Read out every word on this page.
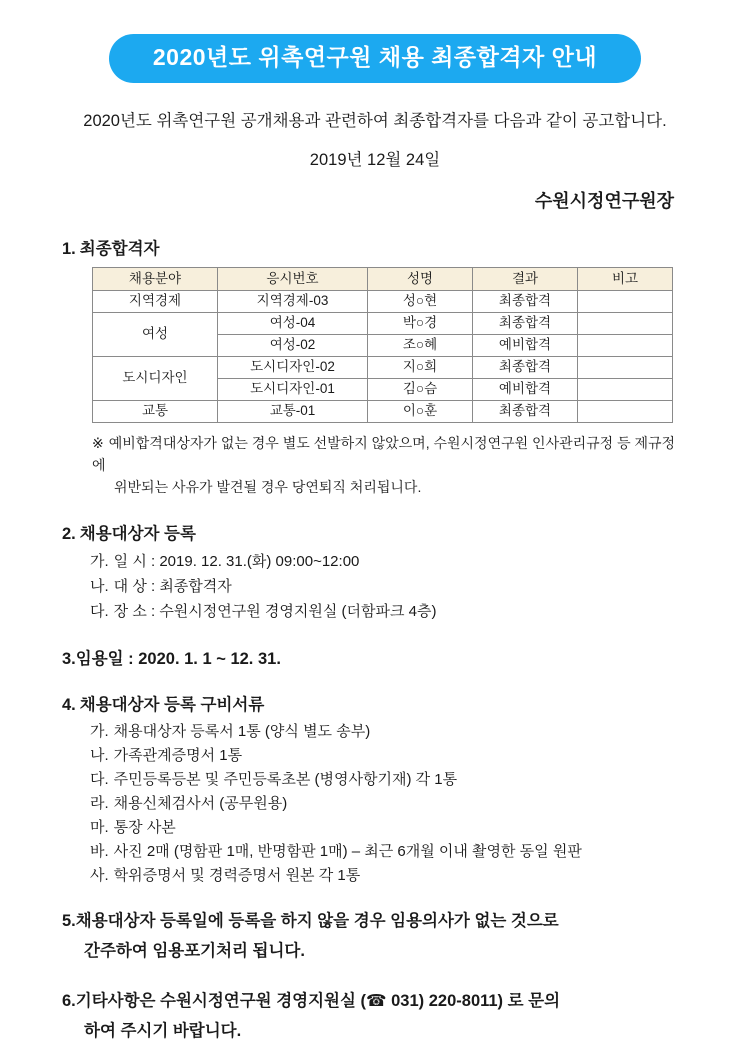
2020년도 위촉연구원 채용 최종합격자 안내
2020년도 위촉연구원 공개채용과 관련하여 최종합격자를 다음과 같이 공고합니다.
2019년 12월 24일
수원시정연구원장
1. 최종합격자
채용분야	응시번호	성명	결과	비고
지역경제	지역경제-03	성○현	최종합격	
여성	여성-04	박○경	최종합격	
	여성-02	조○혜	예비합격	
도시디자인	도시디자인-02	지○희	최종합격	
	도시디자인-01	김○슴	예비합격	
교통	교통-01	이○훈	최종합격	
※ 예비합격대상자가 없는 경우 별도 선발하지 않았으며, 수원시정연구원 인사관리규정 등 제규정에
위반되는 사유가 발견될 경우 당연퇴직 처리됩니다.
2. 채용대상자 등록
가. 일 시 : 2019. 12. 31.(화) 09:00~12:00
나. 대 상 : 최종합격자
다. 장 소 : 수원시정연구원 경영지원실 (더함파크 4층)
3.임용일 : 2020. 1. 1 ~ 12. 31.
4. 채용대상자 등록 구비서류
가. 채용대상자 등록서 1통 (양식 별도 송부)
나. 가족관계증명서 1통
다. 주민등록등본 및 주민등록초본 (병영사항기재) 각 1통
라. 채용신체검사서 (공무원용)
마. 통장 사본
바. 사진 2매 (명함판 1매, 반명함판 1매) – 최근 6개월 이내 촬영한 동일 원판
사. 학위증명서 및 경력증명서 원본 각 1통
5.채용대상자 등록일에 등록을 하지 않을 경우 임용의사가 없는 것으로
간주하여 임용포기처리 됩니다.
6.기타사항은 수원시정연구원 경영지원실 (☎ 031) 220-8011) 로 문의
하여 주시기 바랍니다.
